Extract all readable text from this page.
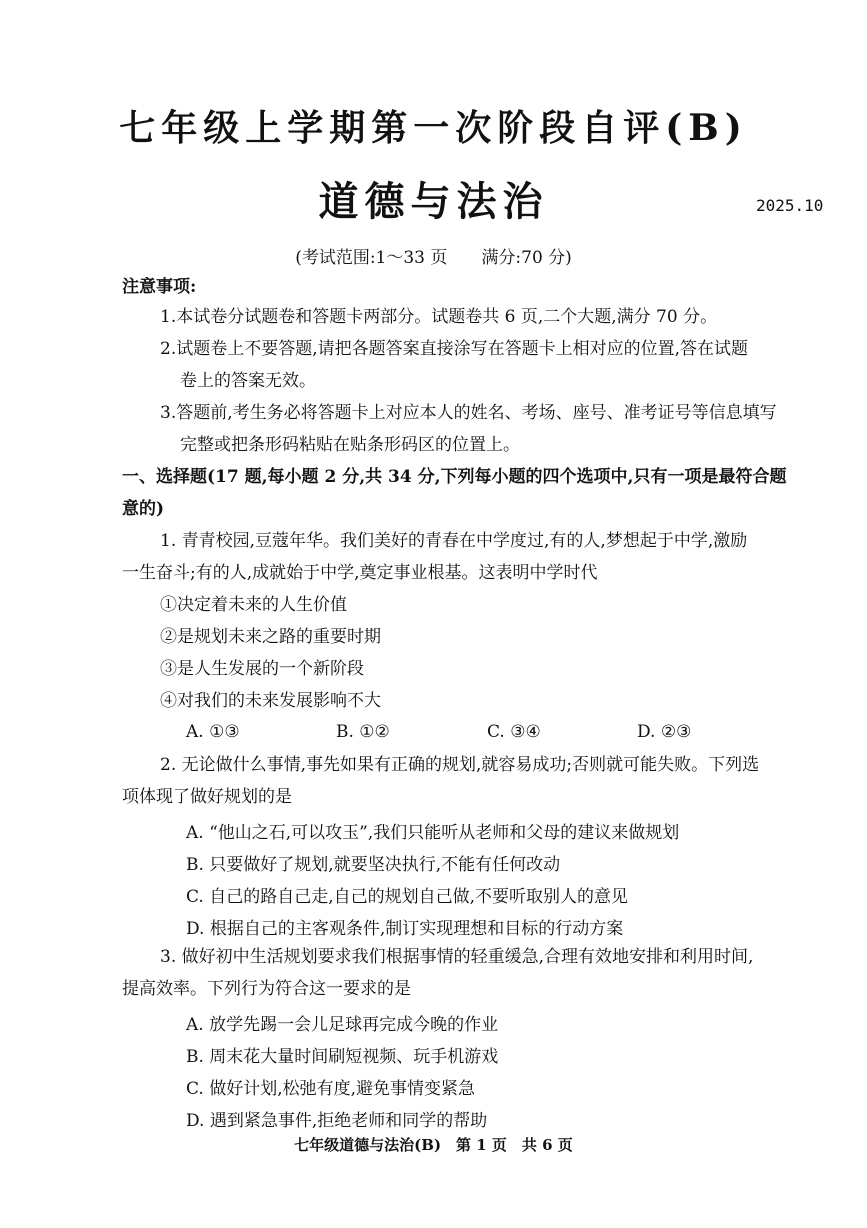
七年级上学期第一次阶段自评(B)
道德与法治	2025.10
(考试范围:1～33 页　　满分:70 分)
注意事项:
1.本试卷分试题卷和答题卡两部分。试题卷共 6 页,二个大题,满分 70 分。
2.试题卷上不要答题,请把各题答案直接涂写在答题卡上相对应的位置,答在试题
卷上的答案无效。
3.答题前,考生务必将答题卡上对应本人的姓名、考场、座号、准考证号等信息填写
完整或把条形码粘贴在贴条形码区的位置上。
一、选择题(17 题,每小题 2 分,共 34 分,下列每小题的四个选项中,只有一项是最符合题
意的)
1. 青青校园,豆蔻年华。我们美好的青春在中学度过,有的人,梦想起于中学,激励
一生奋斗;有的人,成就始于中学,奠定事业根基。这表明中学时代
①决定着未来的人生价值
②是规划未来之路的重要时期
③是人生发展的一个新阶段
④对我们的未来发展影响不大
A. ①③	B. ①②	C. ③④	D. ②③
2. 无论做什么事情,事先如果有正确的规划,就容易成功;否则就可能失败。下列选
项体现了做好规划的是
A. “他山之石,可以攻玉”,我们只能听从老师和父母的建议来做规划
B. 只要做好了规划,就要坚决执行,不能有任何改动
C. 自己的路自己走,自己的规划自己做,不要听取别人的意见
D. 根据自己的主客观条件,制订实现理想和目标的行动方案
3. 做好初中生活规划要求我们根据事情的轻重缓急,合理有效地安排和利用时间,
提高效率。下列行为符合这一要求的是
A. 放学先踢一会儿足球再完成今晚的作业
B. 周末花大量时间刷短视频、玩手机游戏
C. 做好计划,松弛有度,避免事情变紧急
D. 遇到紧急事件,拒绝老师和同学的帮助
七年级道德与法治(B)　第 1 页　共 6 页
